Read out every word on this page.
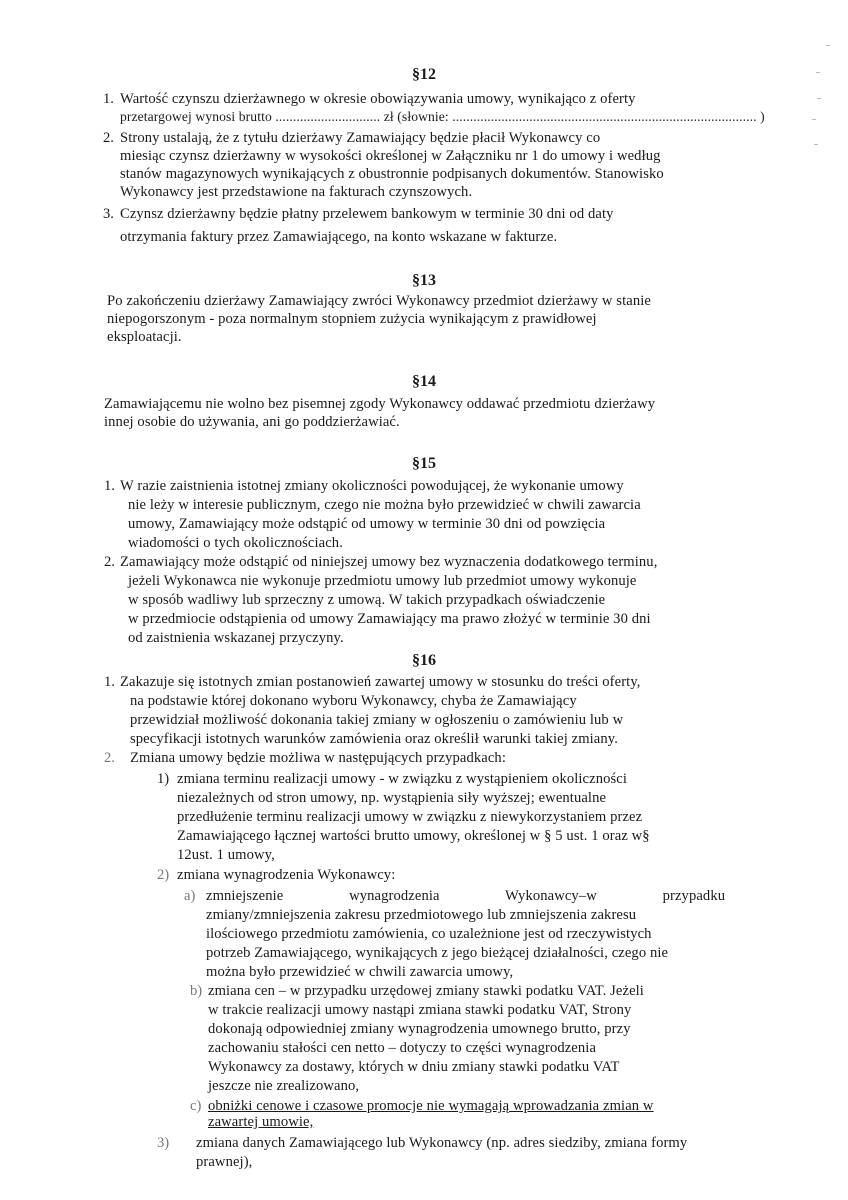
§12
1. Wartość czynszu dzierżawnego w okresie obowiązywania umowy, wynikająco z oferty
przetargowej wynosi brutto .............................. zł (słownie: ....................................................................................... )
2. Strony ustalają, że z tytułu dzierżawy Zamawiający będzie płacił Wykonawcy co
miesiąc czynsz dzierżawny w wysokości określonej w Załączniku nr 1 do umowy i według
stanów magazynowych wynikających z obustronnie podpisanych dokumentów. Stanowisko
Wykonawcy jest przedstawione na fakturach czynszowych.
3. Czynsz dzierżawny będzie płatny przelewem bankowym w terminie 30 dni od daty
otrzymania faktury przez Zamawiającego, na konto wskazane w fakturze.
§13
Po zakończeniu dzierżawy Zamawiający zwróci Wykonawcy przedmiot dzierżawy w stanie
niepogorszonym - poza normalnym stopniem zużycia wynikającym z prawidłowej
eksploatacji.
§14
Zamawiającemu nie wolno bez pisemnej zgody Wykonawcy oddawać przedmiotu dzierżawy
innej osobie do używania, ani go poddzierżawiać.
§15
1. W razie zaistnienia istotnej zmiany okoliczności powodującej, że wykonanie umowy
nie leży w interesie publicznym, czego nie można było przewidzieć w chwili zawarcia
umowy, Zamawiający może odstąpić od umowy w terminie 30 dni od powzięcia
wiadomości o tych okolicznościach.
2. Zamawiający może odstąpić od niniejszej umowy bez wyznaczenia dodatkowego terminu,
jeżeli Wykonawca nie wykonuje przedmiotu umowy lub przedmiot umowy wykonuje
w sposób wadliwy lub sprzeczny z umową. W takich przypadkach oświadczenie
w przedmiocie odstąpienia od umowy Zamawiający ma prawo złożyć w terminie 30 dni
od zaistnienia wskazanej przyczyny.
§16
1. Zakazuje się istotnych zmian postanowień zawartej umowy w stosunku do treści oferty,
na podstawie której dokonano wyboru Wykonawcy, chyba że Zamawiający
przewidział możliwość dokonania takiej zmiany w ogłoszeniu o zamówieniu lub w
specyfikacji istotnych warunków zamówienia oraz określił warunki takiej zmiany.
2. Zmiana umowy będzie możliwa w następujących przypadkach:
1) zmiana terminu realizacji umowy - w związku z wystąpieniem okoliczności
niezależnych od stron umowy, np. wystąpienia siły wyższej; ewentualne
przedłużenie terminu realizacji umowy w związku z niewykorzystaniem przez
Zamawiającego łącznej wartości brutto umowy, określonej w § 5 ust. 1 oraz w§
12ust. 1 umowy,
2) zmiana wynagrodzenia Wykonawcy:
a) zmniejszenie wynagrodzenia Wykonawcy–w przypadku
zmiany/zmniejszenia zakresu przedmiotowego lub zmniejszenia zakresu
ilościowego przedmiotu zamówienia, co uzależnione jest od rzeczywistych
potrzeb Zamawiającego, wynikających z jego bieżącej działalności, czego nie
można było przewidzieć w chwili zawarcia umowy,
b) zmiana cen – w przypadku urzędowej zmiany stawki podatku VAT. Jeżeli
w trakcie realizacji umowy nastąpi zmiana stawki podatku VAT, Strony
dokonają odpowiedniej zmiany wynagrodzenia umownego brutto, przy
zachowaniu stałości cen netto – dotyczy to części wynagrodzenia
Wykonawcy za dostawy, których w dniu zmiany stawki podatku VAT
jeszcze nie zrealizowano,
c) obniżki cenowe i czasowe promocje nie wymagają wprowadzania zmian w
zawartej umowie,
3) zmiana danych Zamawiającego lub Wykonawcy (np. adres siedziby, zmiana formy
prawnej),
